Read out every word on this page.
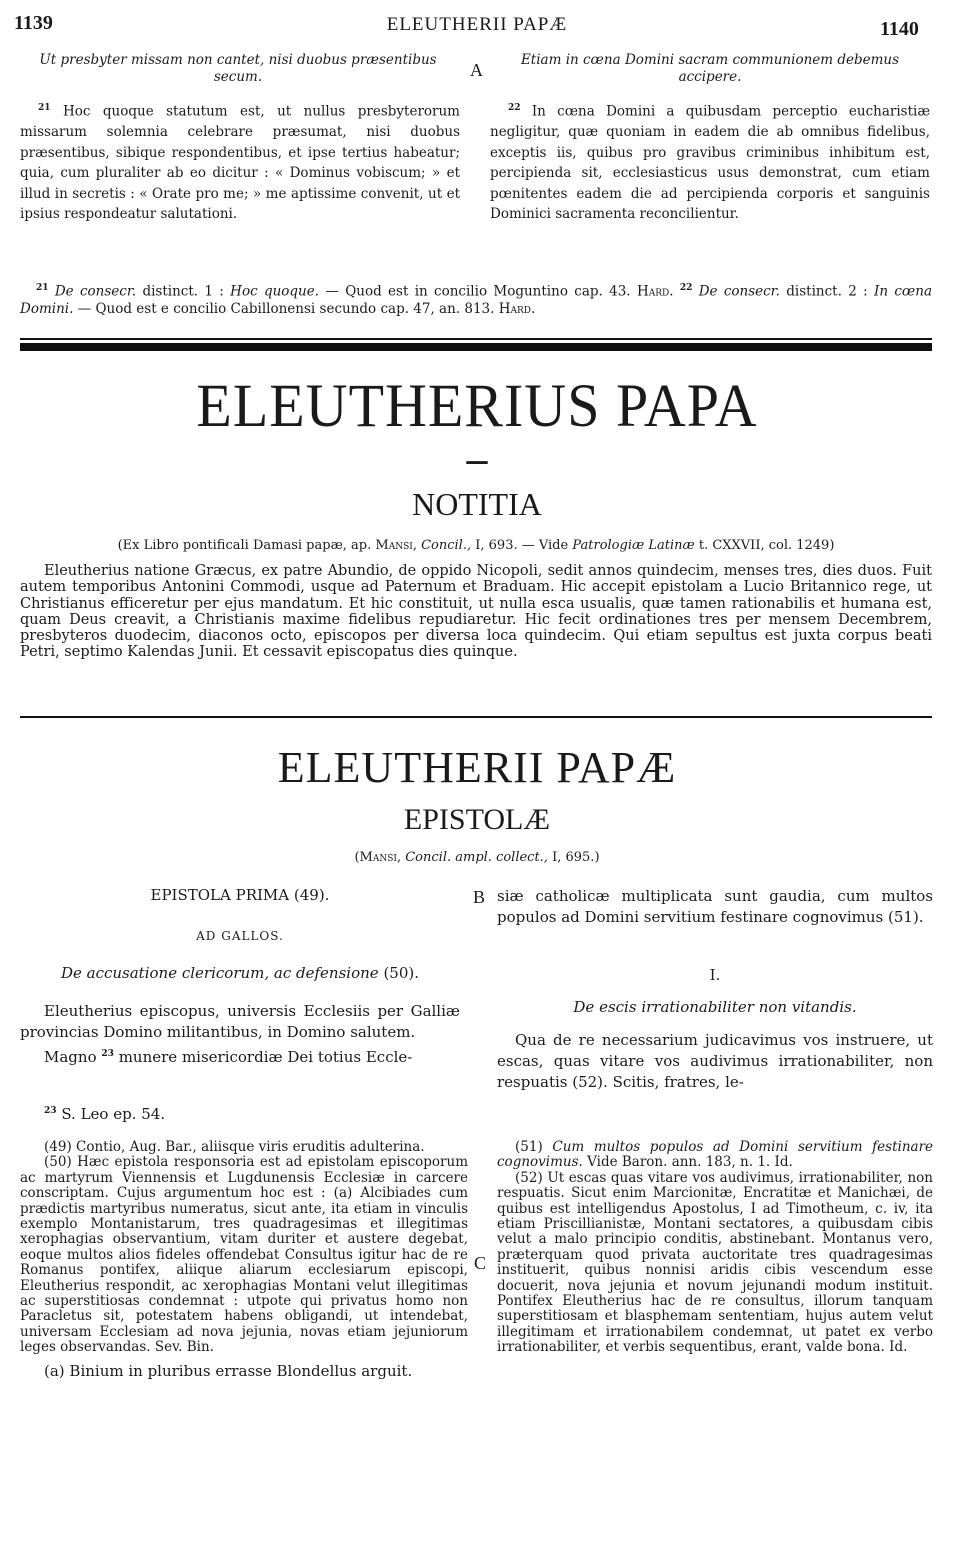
1139	ELEUTHERII PAPÆ	1140
Ut presbyter missam non cantet, nisi duobus præsentibus secum.	A	Etiam in cœna Domini sacram communionem debemus accipere.

$^{21}$ Hoc quoque statutum est, ut nullus presbyterorum missarum solemnia celebrare præsumat, nisi duobus præsentibus, sibique respondentibus, et ipse tertius habeatur; quia, cum pluraliter ab eo dicitur : « Dominus vobiscum; » et illud in secretis : « Orate pro me; » me aptissime convenit, ut et ipsius respondeatur salutationi.

$^{22}$ In cœna Domini a quibusdam perceptio eucharistiæ negligitur, quæ quoniam in eadem die ab omnibus fidelibus, exceptis iis, quibus pro gravibus criminibus inhibitum est, percipienda sit, ecclesiasticus usus demonstrat, cum etiam pœnitentes eadem die ad percipienda corporis et sanguinis Dominici sacramenta reconcilientur.

$^{21}$ De consecr. distinct. 1 : Hoc quoque. — Quod est in concilio Moguntino cap. 43. Hard. $^{22}$ De consecr. distinct. 2 : In cœna Domini. — Quod est e concilio Cabillonensi secundo cap. 47, an. 813. Hard.

ELEUTHERIUS PAPA
—
NOTITIA
(Ex Libro pontificali Damasi papæ, ap. Mansi, Concil., I, 693. — Vide Patrologiæ Latinæ t. CXXVII, col. 1249)

Eleutherius natione Græcus, ex patre Abundio, de oppido Nicopoli, sedit annos quindecim, menses tres, dies duos. Fuit autem temporibus Antonini Commodi, usque ad Paternum et Braduam. Hic accepit epistolam a Lucio Britannico rege, ut Christianus efficeretur per ejus mandatum. Et hic constituit, ut nulla esca usualis, quæ tamen rationabilis et humana est, quam Deus creavit, a Christianis maxime fidelibus repudiaretur. Hic fecit ordinationes tres per mensem Decembrem, presbyteros duodecim, diaconos octo, episcopos per diversa loca quindecim. Qui etiam sepultus est juxta corpus beati Petri, septimo Kalendas Junii. Et cessavit episcopatus dies quinque.

ELEUTHERII PAPÆ
EPISTOLÆ
(Mansi, Concil. ampl. collect., I, 695.)
EPISTOLA PRIMA (49).
AD GALLOS.
De accusatione clericorum, ac defensione (50).

Eleutherius episcopus, universis Ecclesiis per Galliæ provincias Domino militantibus, in Domino salutem.

Magno $^{23}$ munere misericordiæ Dei totius Eccle-

$^{23}$ S. Leo ep. 54.

(49) Contio, Aug. Bar., aliisque viris eruditis adulterina.

(50) Hæc epistola responsoria est ad epistolam episcoporum ac martyrum Viennensis et Lugdunensis Ecclesiæ in carcere conscriptam. Cujus argumentum hoc est : (a) Alcibiades cum prædictis martyribus numeratus, sicut ante, ita etiam in vinculis exemplo Montanistarum, tres quadragesimas et illegitimas xerophagias observantium, vitam duriter et austere degebat, eoque multos alios fideles offendebat Consultus igitur hac de re Romanus pontifex, aliique aliarum ecclesiarum episcopi, Eleutherius respondit, ac xerophagias Montani velut illegitimas ac superstitiosas condemnat : utpote qui privatus homo non Paracletus sit, potestatem habens obligandi, ut intendebat, universam Ecclesiam ad nova jejunia, novas etiam jejuniorum leges observandas. Sev. Bin.

(a) Binium in pluribus errasse Blondellus arguit.

B siæ catholicæ multiplicata sunt gaudia, cum multos populos ad Domini servitium festinare cognovimus (51).

I.
De escis irrationabiliter non vitandis.

Qua de re necessarium judicavimus vos instruere, ut escas, quas vitare vos audivimus irrationabiliter, non respuatis (52). Scitis, fratres, le-

(51) Cum multos populos ad Domini servitium festinare cognovimus. Vide Baron. ann. 183, n. 1. Id.

(52) Ut escas quas vitare vos audivimus, irrationabiliter, non respuatis. Sicut enim Marcionitæ, Encratitæ et Manichæi, de quibus est intelligendus Apostolus, I ad Timotheum, c. iv, ita etiam Priscillianistæ, Montani sectatores, a quibusdam cibis velut a malo principio conditis, abstinebant. Montanus vero, præterquam quod privata auctoritate tres quadragesimas instituerit, quibus nonnisi aridis cibis vescendum esse docuerit, nova jejunia et novum jejunandi modum instituit. Pontifex Eleutherius hac de re consultus, illorum tanquam superstitiosam et blasphemam sententiam, hujus autem velut illegitimam et irrationabilem condemnat, ut patet ex verbo irrationabiliter, et verbis sequentibus, erant, valde bona. Id.

C
